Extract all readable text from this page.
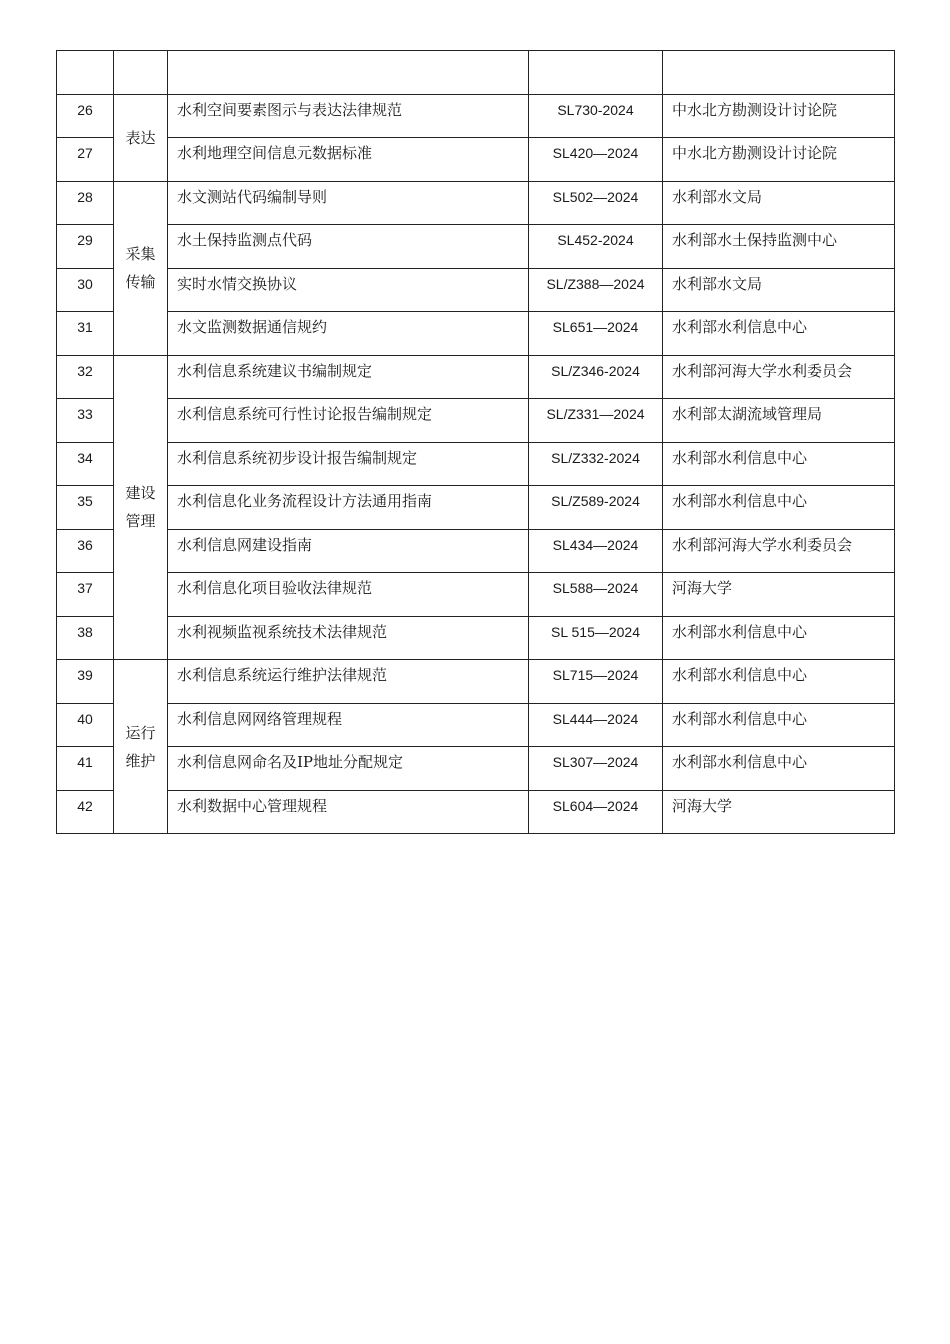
26	表达	水利空间要素图示与表达法律规范	SL730-2024	中水北方勘测设计讨论院

27		水利地理空间信息元数据标准	SL420—2024	中水北方勘测设计讨论院

28	采集传输	水文测站代码编制导则	SL502—2024	水利部水文局

29		水土保持监测点代码	SL452-2024	水利部水土保持监测中心

30		实时水情交换协议	SL/Z388—2024	水利部水文局

31		水文监测数据通信规约	SL651—2024	水利部水利信息中心

32	建设管理	水利信息系统建议书编制规定	SL/Z346-2024	水利部河海大学水利委员会

33		水利信息系统可行性讨论报告编制规定	SL/Z331—2024	水利部太湖流域管理局

34		水利信息系统初步设计报告编制规定	SL/Z332-2024	水利部水利信息中心

35		水利信息化业务流程设计方法通用指南	SL/Z589-2024	水利部水利信息中心

36		水利信息网建设指南	SL434—2024	水利部河海大学水利委员会

37		水利信息化项目验收法律规范	SL588—2024	河海大学

38		水利视频监视系统技术法律规范	SL 515—2024	水利部水利信息中心

39	运行维护	水利信息系统运行维护法律规范	SL715—2024	水利部水利信息中心

40		水利信息网网络管理规程	SL444—2024	水利部水利信息中心

41		水利信息网命名及IP地址分配规定	SL307—2024	水利部水利信息中心

42		水利数据中心管理规程	SL604—2024	河海大学
